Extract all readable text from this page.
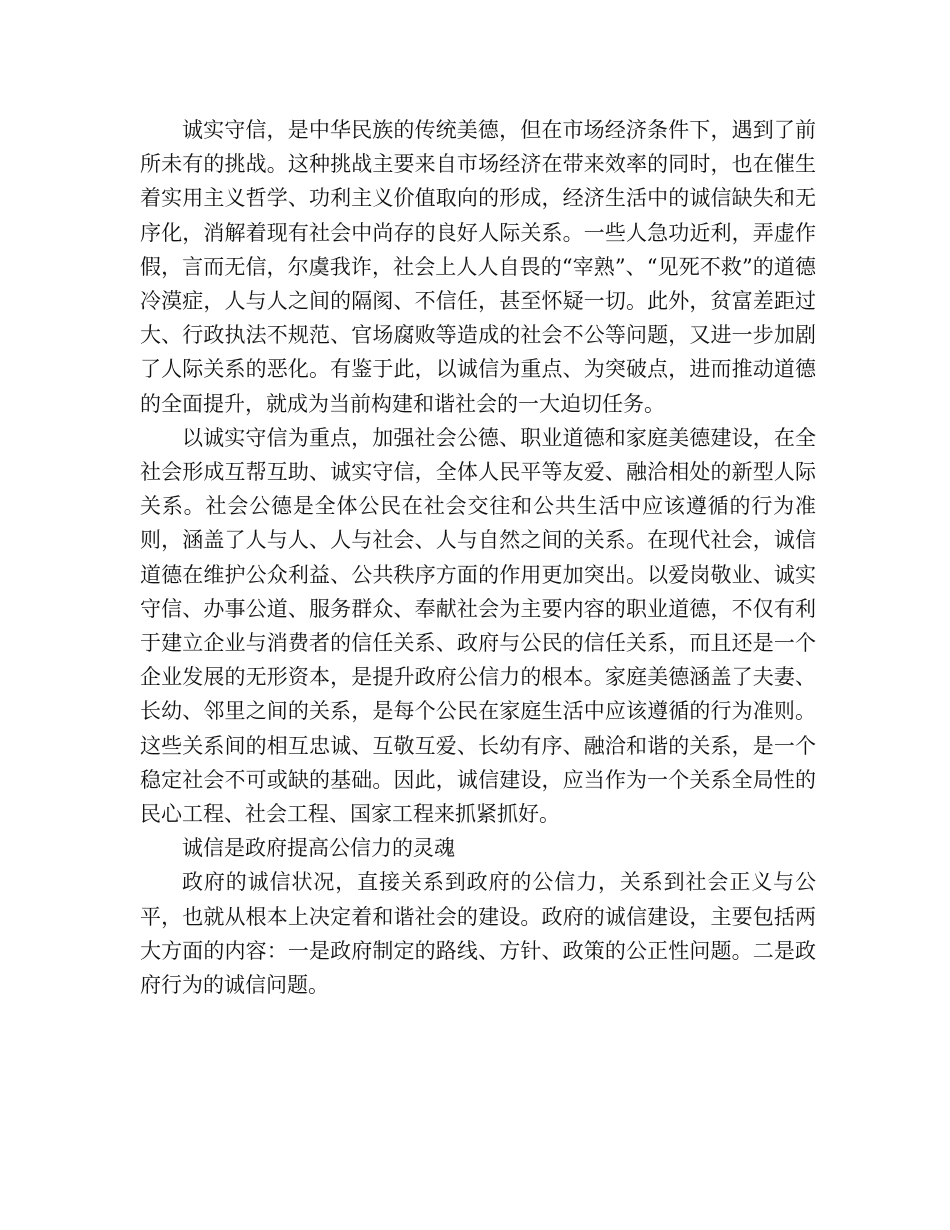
诚实守信，是中华民族的传统美德，但在市场经济条件下，遇到了前所未有的挑战。这种挑战主要来自市场经济在带来效率的同时，也在催生着实用主义哲学、功利主义价值取向的形成，经济生活中的诚信缺失和无序化，消解着现有社会中尚存的良好人际关系。一些人急功近利，弄虚作假，言而无信，尔虞我诈，社会上人人自畏的“宰熟”、“见死不救”的道德冷漠症，人与人之间的隔阂、不信任，甚至怀疑一切。此外，贫富差距过大、行政执法不规范、官场腐败等造成的社会不公等问题，又进一步加剧了人际关系的恶化。有鉴于此，以诚信为重点、为突破点，进而推动道德的全面提升，就成为当前构建和谐社会的一大迫切任务。

以诚实守信为重点，加强社会公德、职业道德和家庭美德建设，在全社会形成互帮互助、诚实守信，全体人民平等友爱、融洽相处的新型人际关系。社会公德是全体公民在社会交往和公共生活中应该遵循的行为准则，涵盖了人与人、人与社会、人与自然之间的关系。在现代社会，诚信道德在维护公众利益、公共秩序方面的作用更加突出。以爱岗敬业、诚实守信、办事公道、服务群众、奉献社会为主要内容的职业道德，不仅有利于建立企业与消费者的信任关系、政府与公民的信任关系，而且还是一个企业发展的无形资本，是提升政府公信力的根本。家庭美德涵盖了夫妻、长幼、邻里之间的关系，是每个公民在家庭生活中应该遵循的行为准则。这些关系间的相互忠诚、互敬互爱、长幼有序、融洽和谐的关系，是一个稳定社会不可或缺的基础。因此，诚信建设，应当作为一个关系全局性的民心工程、社会工程、国家工程来抓紧抓好。

诚信是政府提高公信力的灵魂

政府的诚信状况，直接关系到政府的公信力，关系到社会正义与公平，也就从根本上决定着和谐社会的建设。政府的诚信建设，主要包括两大方面的内容：一是政府制定的路线、方针、政策的公正性问题。二是政府行为的诚信问题。
